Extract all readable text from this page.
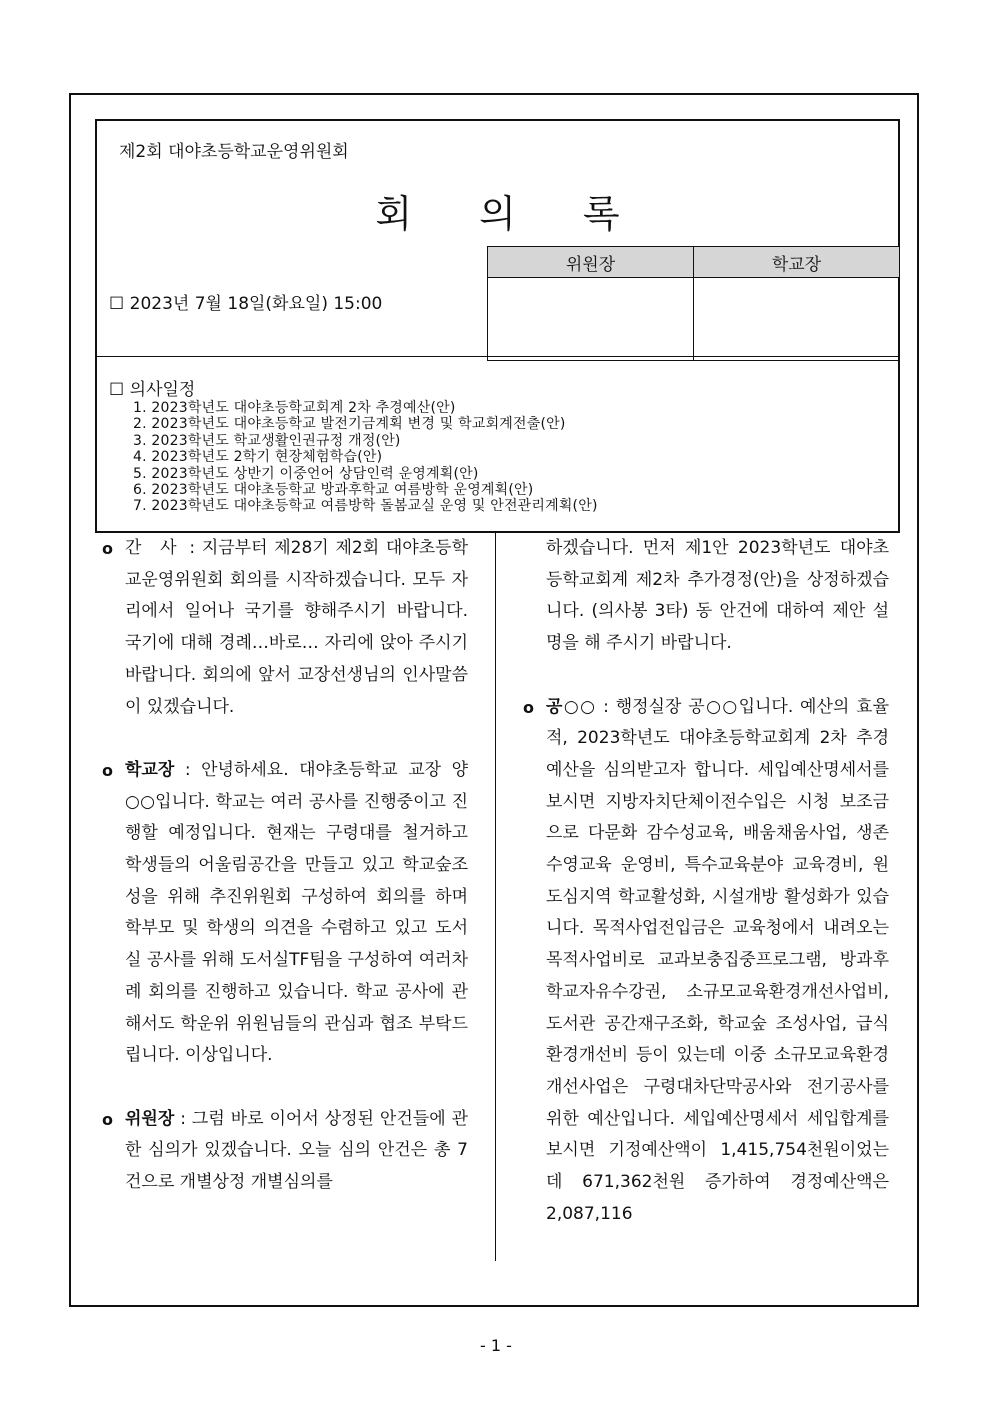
제2회 대야초등학교운영위원회
회 의 록
위원장	학교장

☐ 2023년 7월 18일(화요일) 15:00
☐ 의사일정
1. 2023학년도 대야초등학교회계 2차 추경예산(안)
2. 2023학년도 대야초등학교 발전기금계획 변경 및 학교회계전출(안)
3. 2023학년도 학교생활인권규정 개정(안)
4. 2023학년도 2학기 현장체험학습(안)
5. 2023학년도 상반기 이중언어 상담인력 운영계획(안)
6. 2023학년도 대야초등학교 방과후학교 여름방학 운영계획(안)
7. 2023학년도 대야초등학교 여름방학 돌봄교실 운영 및 안전관리계획(안)

o 간 사 : 지금부터 제28기 제2회 대야초등학교운영위원회 회의를 시작하겠습니다. 모두 자리에서 일어나 국기를 향해주시기 바랍니다. 국기에 대해 경례…바로… 자리에 앉아 주시기 바랍니다. 회의에 앞서 교장선생님의 인사말씀이 있겠습니다.

o 학교장 : 안녕하세요. 대야초등학교 교장 양○○입니다. 학교는 여러 공사를 진행중이고 진행할 예정입니다. 현재는 구령대를 철거하고 학생들의 어울림공간을 만들고 있고 학교숲조성을 위해 추진위원회 구성하여 회의를 하며 학부모 및 학생의 의견을 수렴하고 있고 도서실 공사를 위해 도서실TF팀을 구성하여 여러차례 회의를 진행하고 있습니다. 학교 공사에 관해서도 학운위 위원님들의 관심과 협조 부탁드립니다. 이상입니다.

o 위원장 : 그럼 바로 이어서 상정된 안건들에 관한 심의가 있겠습니다. 오늘 심의 안건은 총 7건으로 개별상정 개별심의를

하겠습니다. 먼저 제1안 2023학년도 대야초등학교회계 제2차 추가경정(안)을 상정하겠습니다. (의사봉 3타) 동 안건에 대하여 제안 설명을 해 주시기 바랍니다.

o 공○○ : 행정실장 공○○입니다. 예산의 효율적, 2023학년도 대야초등학교회계 2차 추경예산을 심의받고자 합니다. 세입예산명세서를 보시면 지방자치단체이전수입은 시청 보조금으로 다문화 감수성교육, 배움채움사업, 생존수영교육 운영비, 특수교육분야 교육경비, 원도심지역 학교활성화, 시설개방 활성화가 있습니다. 목적사업전입금은 교육청에서 내려오는 목적사업비로 교과보충집중프로그램, 방과후학교자유수강권, 소규모교육환경개선사업비, 도서관 공간재구조화, 학교숲 조성사업, 급식환경개선비 등이 있는데 이중 소규모교육환경개선사업은 구령대차단막공사와 전기공사를 위한 예산입니다. 세입예산명세서 세입합계를 보시면 기정예산액이 1,415,754천원이었는데 671,362천원 증가하여 경정예산액은 2,087,116

- 1 -
